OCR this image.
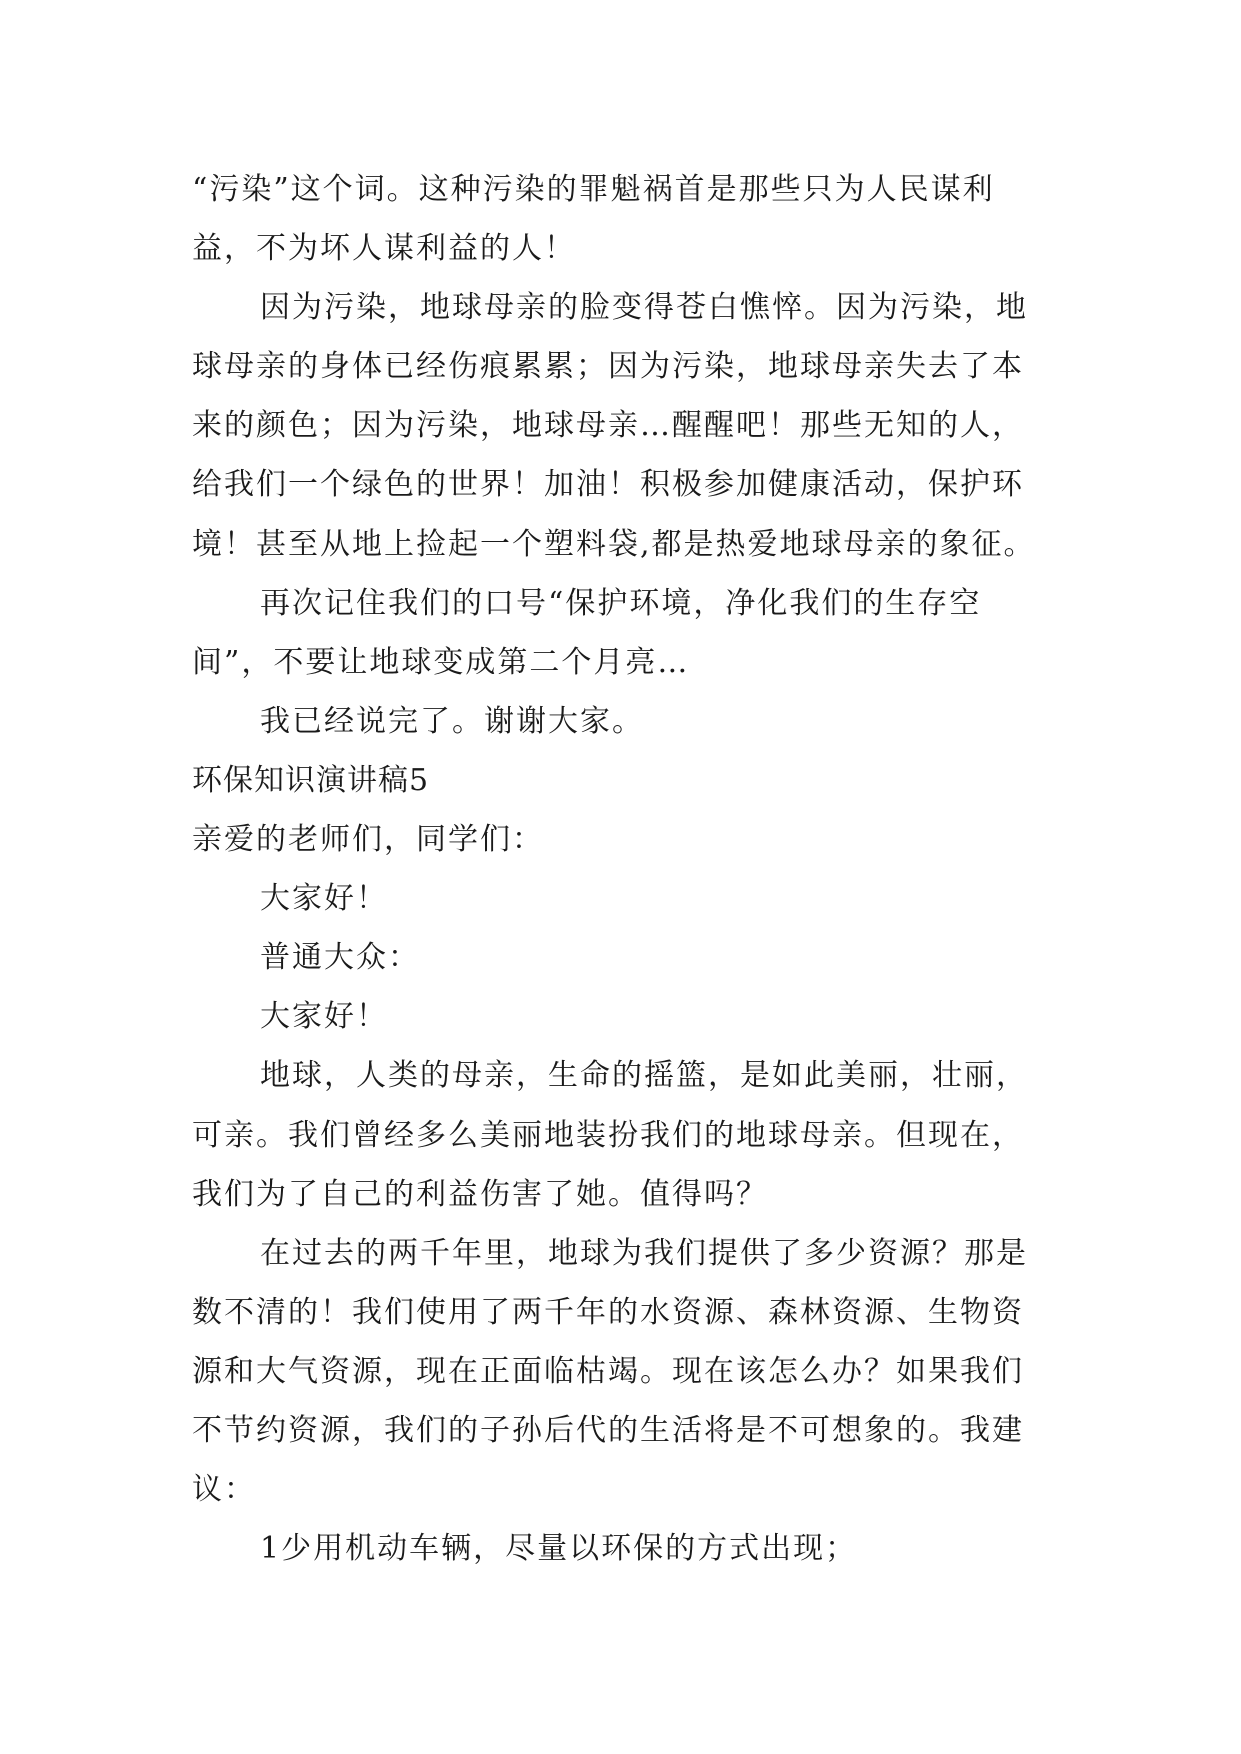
“污染”这个词。这种污染的罪魁祸首是那些只为人民谋利
益，不为坏人谋利益的人！
因为污染，地球母亲的脸变得苍白憔悴。因为污染，地
球母亲的身体已经伤痕累累；因为污染，地球母亲失去了本
来的颜色；因为污染，地球母亲…醒醒吧！那些无知的人，
给我们一个绿色的世界！加油！积极参加健康活动，保护环
境！甚至从地上捡起一个塑料袋,都是热爱地球母亲的象征。
再次记住我们的口号“保护环境，净化我们的生存空
间”，不要让地球变成第二个月亮…
我已经说完了。谢谢大家。
环保知识演讲稿5
亲爱的老师们，同学们：
大家好！
普通大众：
大家好！
地球，人类的母亲，生命的摇篮，是如此美丽，壮丽，
可亲。我们曾经多么美丽地装扮我们的地球母亲。但现在，
我们为了自己的利益伤害了她。值得吗？
在过去的两千年里，地球为我们提供了多少资源？那是
数不清的！我们使用了两千年的水资源、森林资源、生物资
源和大气资源，现在正面临枯竭。现在该怎么办？如果我们
不节约资源，我们的子孙后代的生活将是不可想象的。我建
议：
1少用机动车辆，尽量以环保的方式出现；
